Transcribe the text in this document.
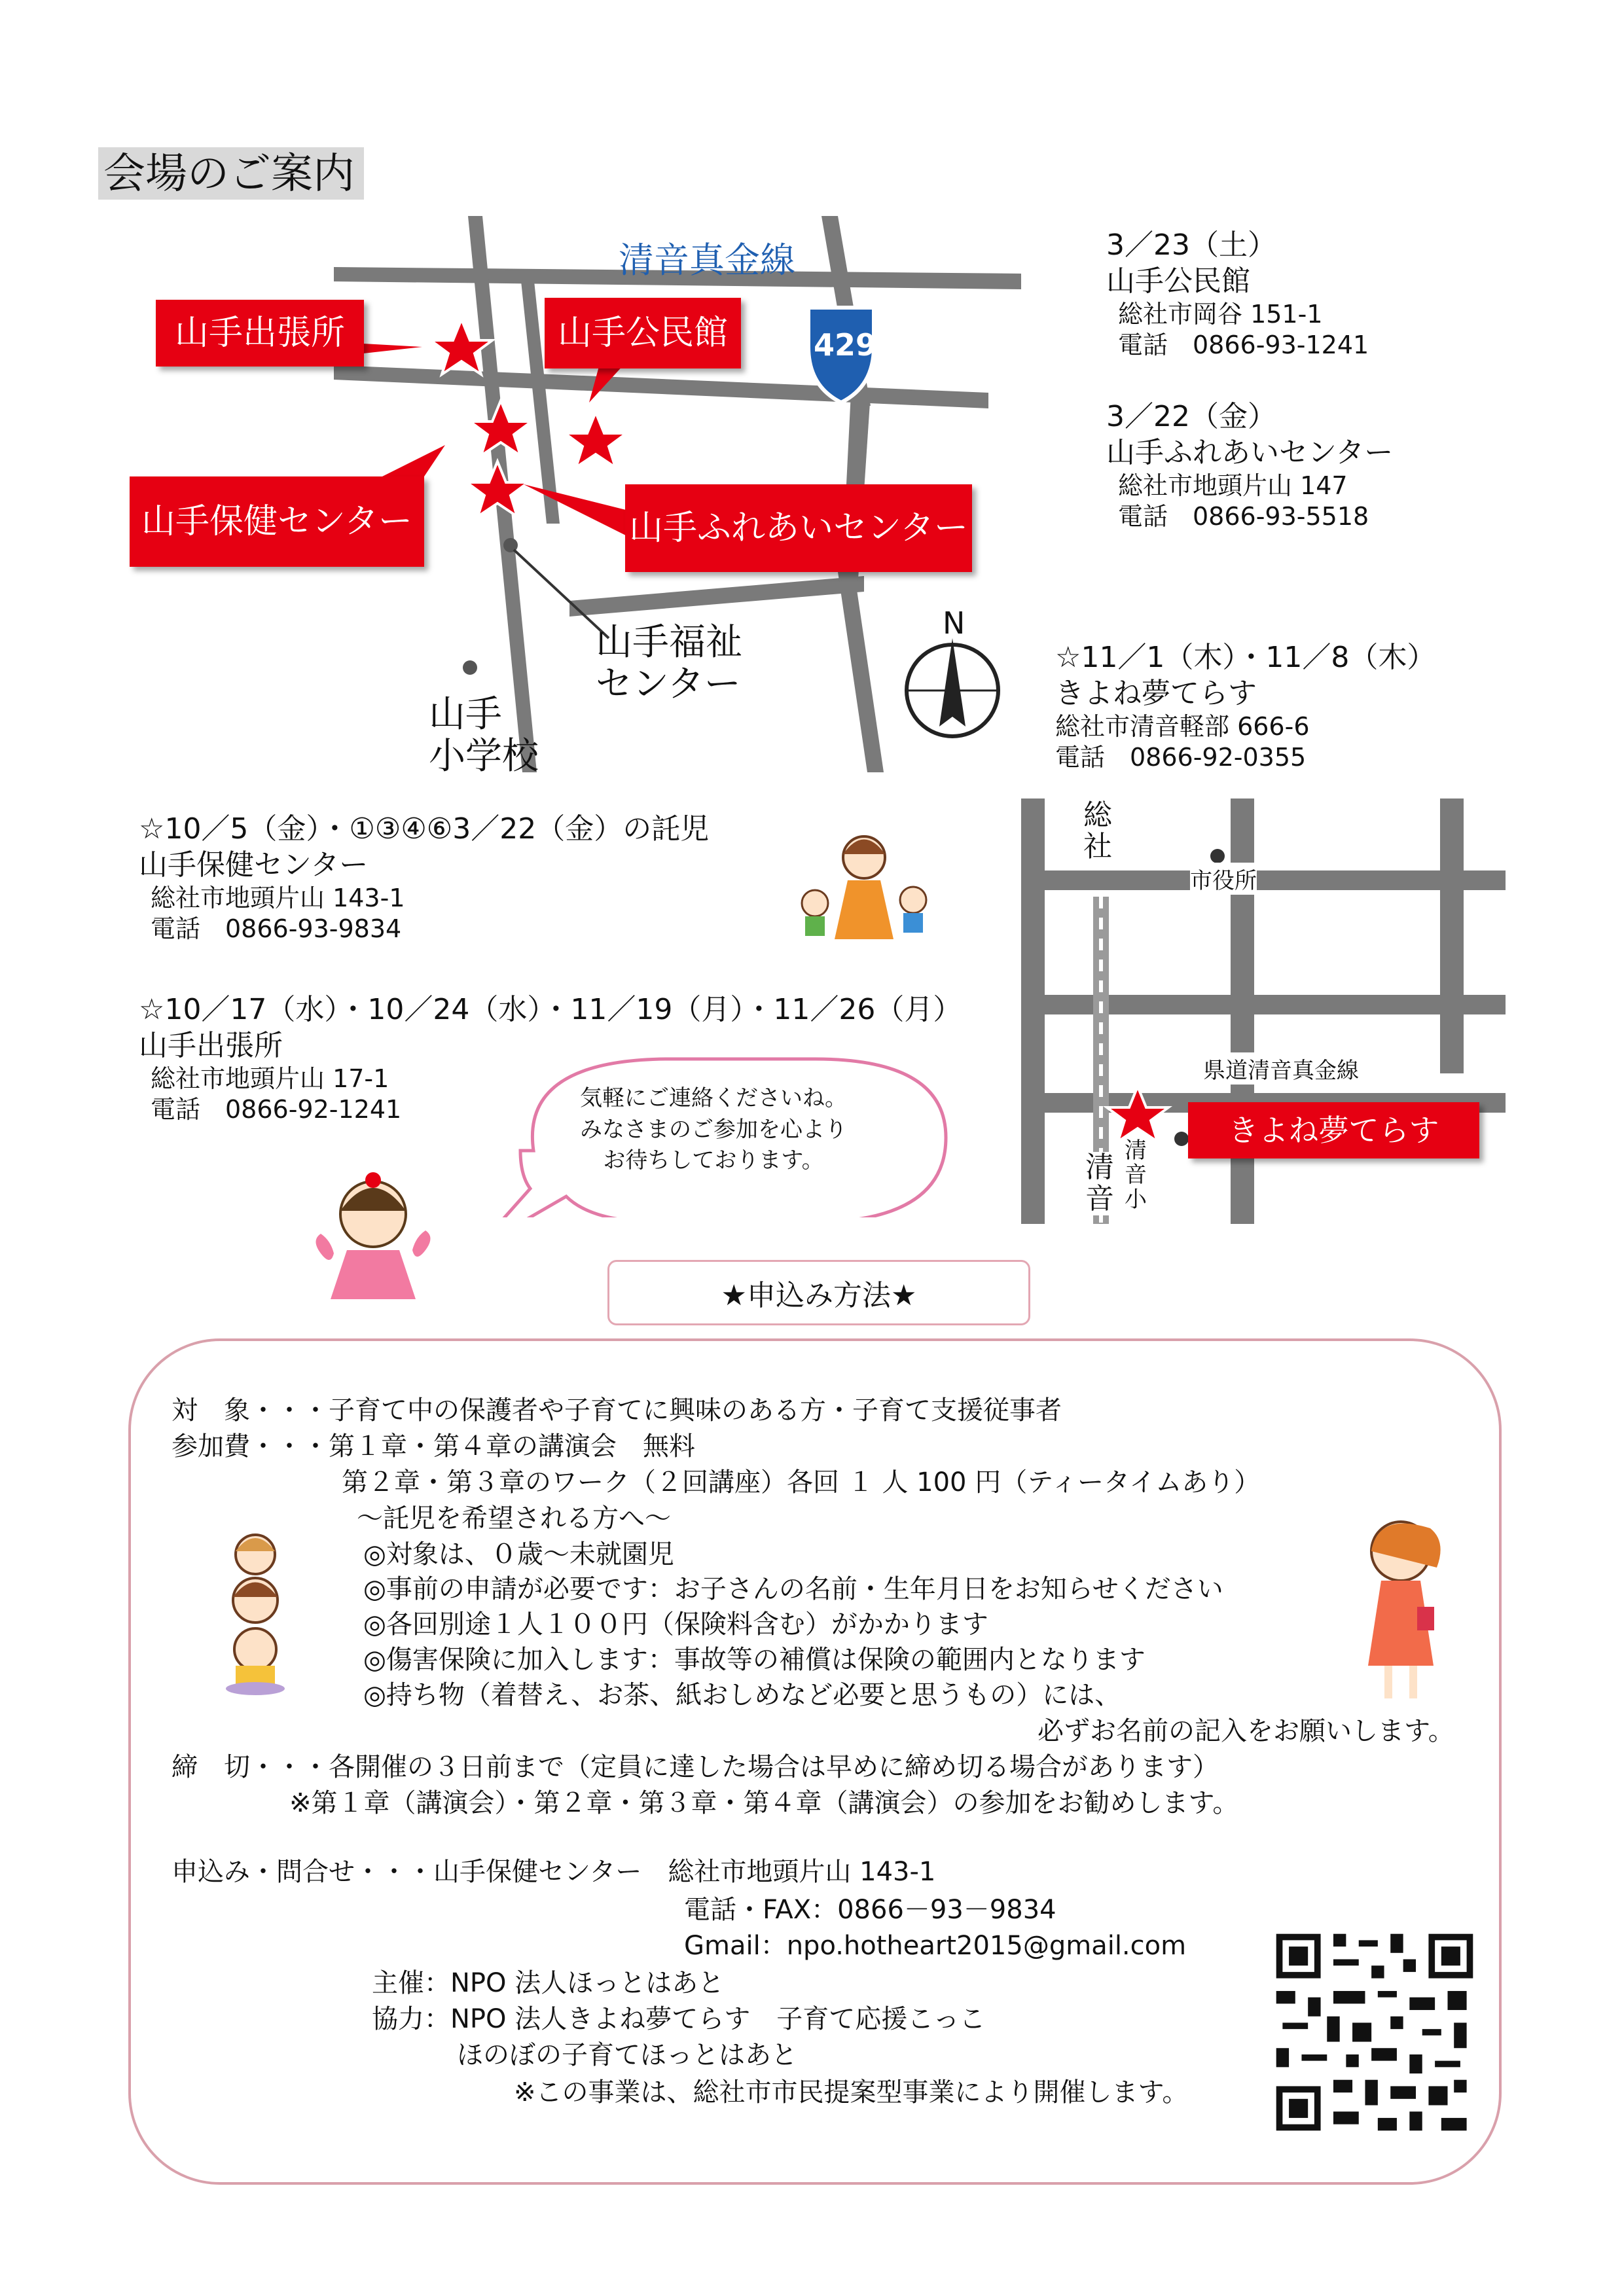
会場のご案内
清音真金線
429
山手出張所	山手公民館
山手保健センター	山手ふれあいセンター
山手福祉
センター
山手
小学校
N
3／23（土）
山手公民館
総社市岡谷 151-1
電話　0866-93-1241
3／22（金）
山手ふれあいセンター
総社市地頭片山 147
電話　0866-93-5518
☆11／1（木）・11／8（木）
きよね夢てらす
総社市清音軽部 666-6
電話　0866-92-0355
☆10／5（金）・①③④⑥3／22（金）の託児
山手保健センター
総社市地頭片山 143-1
電話　0866-93-9834
☆10／17（水）・10／24（水）・11／19（月）・11／26（月）
山手出張所
総社市地頭片山 17-1
電話　0866-92-1241
総社
市役所
県道清音真金線
きよね夢てらす
清音
清音小
気軽にご連絡くださいね。
みなさまのご参加を心より
お待ちしております。
★申込み方法★
対　象・・・子育て中の保護者や子育てに興味のある方・子育て支援従事者
参加費・・・第１章・第４章の講演会　無料
第２章・第３章のワーク（２回講座）各回 １ 人 100 円（ティータイムあり）
～託児を希望される方へ～
◎対象は、０歳～未就園児
◎事前の申請が必要です：お子さんの名前・生年月日をお知らせください
◎各回別途１人１００円（保険料含む）がかかります
◎傷害保険に加入します：事故等の補償は保険の範囲内となります
◎持ち物（着替え、お茶、紙おしめなど必要と思うもの）には、
必ずお名前の記入をお願いします。
締　切・・・各開催の３日前まで（定員に達した場合は早めに締め切る場合があります）
※第１章（講演会）・第２章・第３章・第４章（講演会）の参加をお勧めします。
申込み・問合せ・・・山手保健センター　総社市地頭片山 143-1
電話・FAX：0866－93－9834
Gmail：npo.hotheart2015@gmail.com
主催：NPO 法人ほっとはあと
協力：NPO 法人きよね夢てらす　子育て応援こっこ
ほのぼの子育てほっとはあと
※この事業は、総社市市民提案型事業により開催します。
